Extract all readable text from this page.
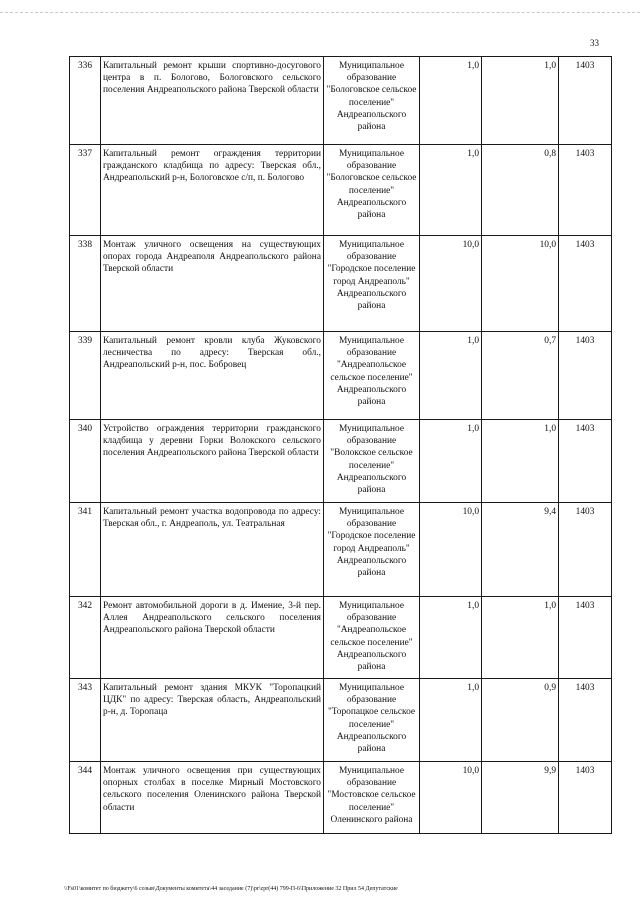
33
336	Капитальный ремонт крыши спортивно-досугового центра в п. Бологово, Бологовского сельского поселения Андреапольского района Тверской области	Муниципальное образование "Бологовское сельское поселение" Андреапольского района	1,0	1,0	1403
337	Капитальный ремонт ограждения территории гражданского кладбища по адресу: Тверская обл., Андреапольский р-н, Бологовское с/п, п. Бологово	Муниципальное образование "Бологовское сельское поселение" Андреапольского района	1,0	0,8	1403
338	Монтаж уличного освещения на существующих опорах города Андреаполя Андреапольского района Тверской области	Муниципальное образование "Городское поселение город Андреаполь" Андреапольского района	10,0	10,0	1403
339	Капитальный ремонт кровли клуба Жуковского лесничества по адресу: Тверская обл., Андреапольский р-н, пос. Бобровец	Муниципальное образование "Андреапольское сельское поселение" Андреапольского района	1,0	0,7	1403
340	Устройство ограждения территории гражданского кладбища у деревни Горки Волокского сельского поселения Андреапольского района Тверской области	Муниципальное образование "Волокское сельское поселение" Андреапольского района	1,0	1,0	1403
341	Капитальный ремонт участка водопровода по адресу: Тверская обл., г. Андреаполь, ул. Театральная	Муниципальное образование "Городское поселение город Андреаполь" Андреапольского района	10,0	9,4	1403
342	Ремонт автомобильной дороги в д. Имение, 3-й пер. Аллея Андреапольского сельского поселения Андреапольского района Тверской области	Муниципальное образование "Андреапольское сельское поселение" Андреапольского района	1,0	1,0	1403
343	Капитальный ремонт здания МКУК "Торопацкий ЦДК" по адресу: Тверская область, Андреапольский р-н, д. Торопаца	Муниципальное образование "Торопацкое сельское поселение" Андреапольского района	1,0	0,9	1403
344	Монтаж уличного освещения при существующих опорных столбах в поселке Мирный Мостовского сельского поселения Оленинского района Тверской области	Муниципальное образование "Мостовское сельское поселение" Оленинского района	10,0	9,9	1403
\\Fs01\комитет по бюджету\6 созыв\Документы комитета\44 заседание (7)\pr\zpr(44) 799-П-6\Приложение 32 Прил 54 Депутатские
